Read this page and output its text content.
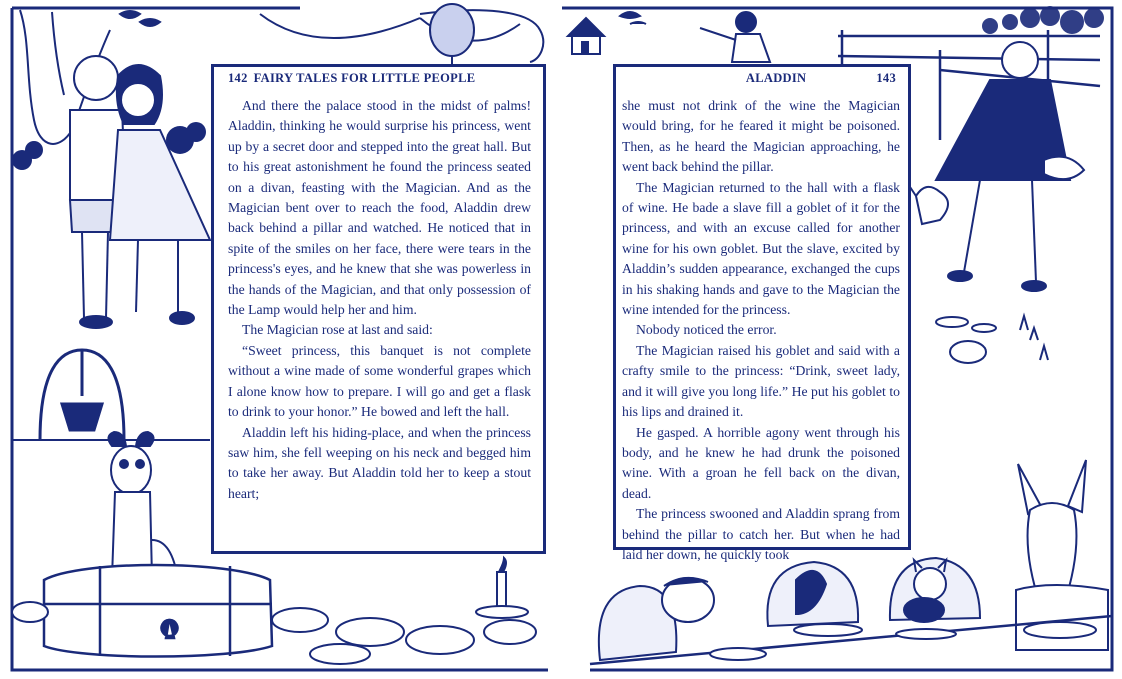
142 FAIRY TALES FOR LITTLE PEOPLE

And there the palace stood in the midst of palms! Aladdin, thinking he would surprise his princess, went up by a secret door and stepped into the great hall. But to his great astonishment he found the princess seated on a divan, feasting with the Magician. And as the Magician bent over to reach the food, Aladdin drew back behind a pillar and watched. He noticed that in spite of the smiles on her face, there were tears in the princess's eyes, and he knew that she was powerless in the hands of the Magician, and that only possession of the Lamp would help her and him.

The Magician rose at last and said:

“Sweet princess, this banquet is not complete without a wine made of some wonderful grapes which I alone know how to prepare. I will go and get a flask to drink to your honor.” He bowed and left the hall.

Aladdin left his hiding-place, and when the princess saw him, she fell weeping on his neck and begged him to take her away. But Aladdin told her to keep a stout heart;

ALADDIN	143

she must not drink of the wine the Magician would bring, for he feared it might be poisoned. Then, as he heard the Magician approaching, he went back behind the pillar.

The Magician returned to the hall with a flask of wine. He bade a slave fill a goblet of it for the princess, and with an excuse called for another wine for his own goblet. But the slave, excited by Aladdin’s sudden appearance, exchanged the cups in his shaking hands and gave to the Magician the wine intended for the princess.

Nobody noticed the error.

The Magician raised his goblet and said with a crafty smile to the princess: “Drink, sweet lady, and it will give you long life.” He put his goblet to his lips and drained it.

He gasped. A horrible agony went through his body, and he knew he had drunk the poisoned wine. With a groan he fell back on the divan, dead.

The princess swooned and Aladdin sprang from behind the pillar to catch her. But when he had laid her down, he quickly took
